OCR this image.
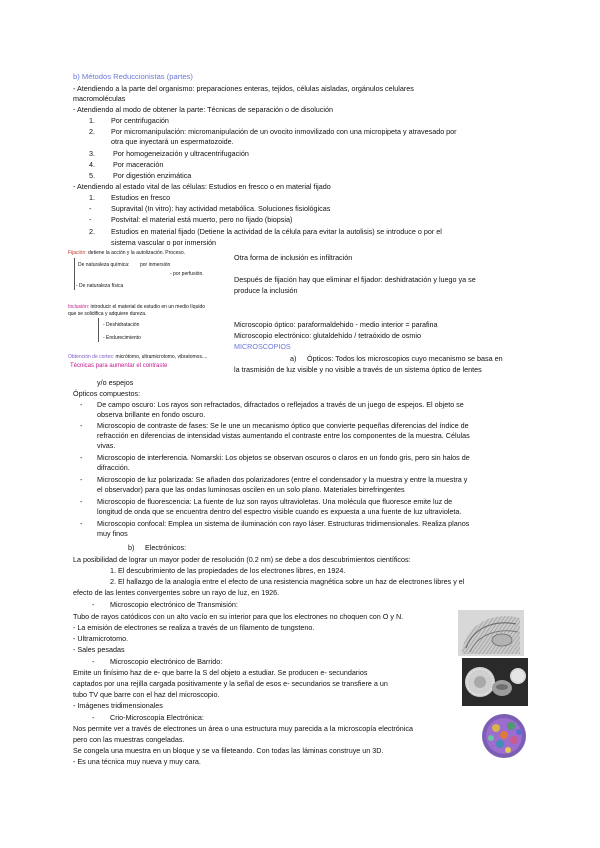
b) Métodos Reduccionistas (partes)
- Atendiendo a la parte del organismo: preparaciones enteras, tejidos, células aisladas, orgánulos celulares
macromoléculas
- Atendiendo al modo de obtener la parte: Técnicas de separación o de disolución
1. Por centrifugación
2. Por micromanipulación: micromanipulación de un ovocito inmovilizado con una micropipeta y atravesado por
otra que inyectará un espermatozoide.
3.	Por homogeneización y ultracentrifugación
4.	Por maceración
5.	Por digestión enzimática
- Atendiendo al estado vital de las células: Estudios en fresco o en material fijado
1. Estudios en fresco
-	Supravital (In vitro): hay actividad metabólica. Soluciones fisiológicas
-	Postvital: el material está muerto, pero no fijado (biopsia)
2. Estudios en material fijado (Detiene la actividad de la célula para evitar la autolisis) se introduce o por el
sistema vascular o por inmersión
Fijación: detiene la acción y la autolización. Proceso.
De naturaleza química: por inmersión
- por perfusión.
- De naturaleza física
Inclusión: introducir el material de estudio en un medio líquido
que se solidifica y adquiere dureza.
- Deshidratación
- Endurecimiento
Obtención de cortes: micrótomo, ultramicrotomo, vibratomos....
Técnicas para aumentar el contraste
Otra forma de inclusión es infiltración
Después de fijación hay que eliminar el fijador: deshidratación y luego ya se
produce la inclusión
Microscopio óptico: paraformaldehido - medio interior = parafina
Microscopio electrónico: glutaldehído / tetraóxido de osmio
MICROSCOPIOS
a) Ópticos: Todos los microscopios cuyo mecanismo se basa en
la trasmisión de luz visible y no visible a través de un sistema óptico de lentes
y/o espejos
Ópticos compuestos:
- De campo oscuro: Los rayos son refractados, difractados o reflejados a través de un juego de espejos. El objeto se
observa brillante en fondo oscuro.
- Microscopio de contraste de fases: Se le une un mecanismo óptico que convierte pequeñas diferencias del índice de
refracción en diferencias de intensidad vistas aumentando el contraste entre los componentes de la muestra. Células
vivas.
- Microscopio de interferencia. Nomarski: Los objetos se observan oscuros o claros en un fondo gris, pero sin halos de
difracción.
- Microscopio de luz polarizada: Se añaden dos polarizadores (entre el condensador y la muestra y entre la muestra y
el observador) para que las ondas luminosas oscilen en un solo plano. Materiales birrefringentes
- Microscopio de fluorescencia: La fuente de luz son rayos ultravioletas. Una molécula que fluoresce emite luz de
longitud de onda que se encuentra dentro del espectro visible cuando es expuesta a una fuente de luz ultravioleta.
- Microscopio confocal: Emplea un sistema de iluminación con rayo láser. Estructuras tridimensionales. Realiza planos
muy finos
b) Electrónicos:
La posibilidad de lograr un mayor poder de resolución (0.2 nm) se debe a dos descubrimientos científicos:
1. El descubrimiento de las propiedades de los electrones libres, en 1924.
2. El hallazgo de la analogía entre el efecto de una resistencia magnética sobre un haz de electrones libres y el
efecto de las lentes convergentes sobre un rayo de luz, en 1926.
- Microscopio electrónico de Transmisión:
Tubo de rayos catódicos con un alto vacío en su interior para que los electrones no choquen con O y N.
- La emisión de electrones se realiza a través de un filamento de tungsteno.
- Ultramicrotomo.
- Sales pesadas
- Microscopio electrónico de Barrido:
Emite un finísimo haz de e- que barre la S del objeto a estudiar. Se producen e- secundarios
captados por una rejilla cargada positivamente y la señal de esos e- secundarios se transfiere a un
tubo TV que barre con el haz del microscopio.
- Imágenes tridimensionales
- Crio-Microscopía Electrónica:
Nos permite ver a través de electrones un área o una estructura muy parecida a la microscopía electrónica
pero con las muestras congeladas.
Se congela una muestra en un bloque y se va fileteando. Con todas las láminas construye un 3D.
- Es una técnica muy nueva y muy cara.
